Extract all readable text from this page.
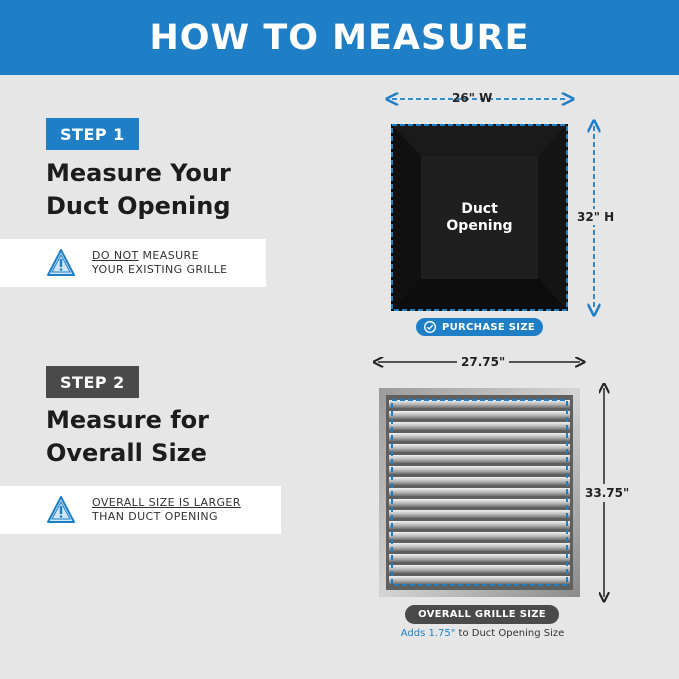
HOW TO MEASURE
STEP 1
Measure Your
Duct Opening
DO NOT MEASURE
YOUR EXISTING GRILLE
STEP 2
Measure for
Overall Size
OVERALL SIZE IS LARGER
THAN DUCT OPENING
26" W
32" H
Duct
Opening
PURCHASE SIZE
27.75"
33.75"
OVERALL GRILLE SIZE
Adds 1.75" to Duct Opening Size
